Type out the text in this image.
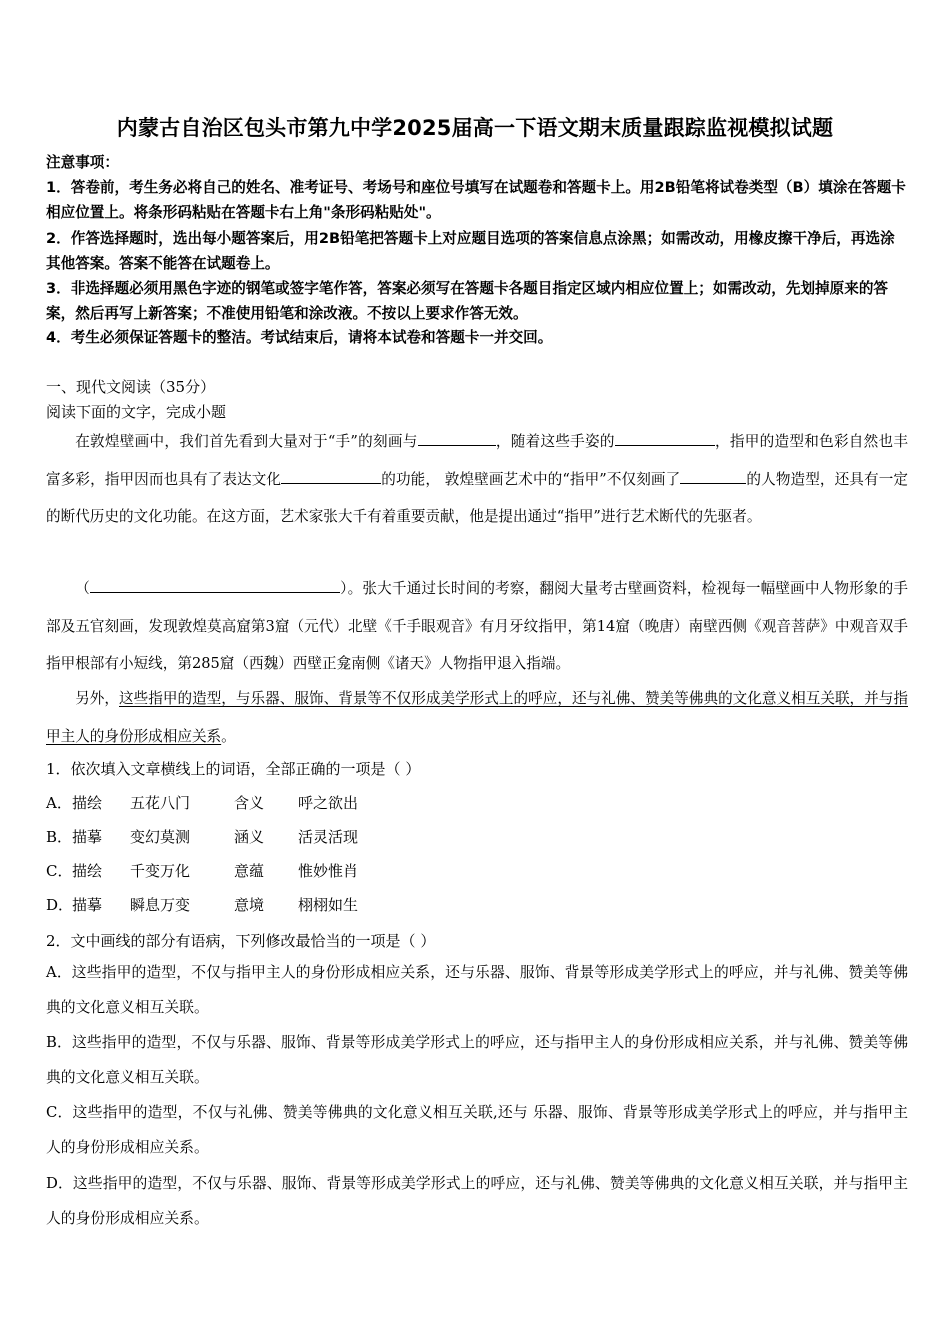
内蒙古自治区包头市第九中学2025届高一下语文期末质量跟踪监视模拟试题
注意事项：
1．答卷前，考生务必将自己的姓名、准考证号、考场号和座位号填写在试题卷和答题卡上。用2B铅笔将试卷类型（B）填涂在答题卡相应位置上。将条形码粘贴在答题卡右上角"条形码粘贴处"。
2．作答选择题时，选出每小题答案后，用2B铅笔把答题卡上对应题目选项的答案信息点涂黑；如需改动，用橡皮擦干净后，再选涂其他答案。答案不能答在试题卷上。
3．非选择题必须用黑色字迹的钢笔或签字笔作答，答案必须写在答题卡各题目指定区域内相应位置上；如需改动，先划掉原来的答案，然后再写上新答案；不准使用铅笔和涂改液。不按以上要求作答无效。
4．考生必须保证答题卡的整洁。考试结束后，请将本试卷和答题卡一并交回。
一、现代文阅读（35分）
阅读下面的文字，完成小题
在敦煌壁画中，我们首先看到大量对于“手”的刻画与	，随着这些手姿的	，指甲的造型和色彩自然也丰富多彩，指甲因而也具有了表达文化	的功能， 敦煌壁画艺术中的“指甲”不仅刻画了	的人物造型，还具有一定的断代历史的文化功能。在这方面，艺术家张大千有着重要贡献，他是提出通过“指甲”进行艺术断代的先驱者。
（	）。张大千通过长时间的考察，翻阅大量考古壁画资料，检视每一幅壁画中人物形象的手部及五官刻画，发现敦煌莫高窟第3窟（元代）北壁《千手眼观音》有月牙纹指甲，第14窟（晚唐）南壁西侧《观音菩萨》中观音双手指甲根部有小短线，第285窟（西魏）西壁正龛南侧《诸天》人物指甲退入指端。
另外，这些指甲的造型，与乐器、服饰、背景等不仅形成美学形式上的呼应，还与礼佛、赞美等佛典的文化意义相互关联，并与指甲主人的身份形成相应关系。
1．依次填入文章横线上的词语，全部正确的一项是（ ）
A．描绘 五花八门	含义 呼之欲出
B．描摹 变幻莫测	涵义 活灵活现
C．描绘 千变万化	意蕴 惟妙惟肖
D．描摹 瞬息万变	意境 栩栩如生
2．文中画线的部分有语病，下列修改最恰当的一项是（ ）
A．这些指甲的造型，不仅与指甲主人的身份形成相应关系，还与乐器、服饰、背景等形成美学形式上的呼应，并与礼佛、赞美等佛典的文化意义相互关联。
B．这些指甲的造型，不仅与乐器、服饰、背景等形成美学形式上的呼应，还与指甲主人的身份形成相应关系，并与礼佛、赞美等佛典的文化意义相互关联。
C．这些指甲的造型，不仅与礼佛、赞美等佛典的文化意义相互关联,还与 乐器、服饰、背景等形成美学形式上的呼应，并与指甲主人的身份形成相应关系。
D．这些指甲的造型，不仅与乐器、服饰、背景等形成美学形式上的呼应，还与礼佛、赞美等佛典的文化意义相互关联，并与指甲主人的身份形成相应关系。
